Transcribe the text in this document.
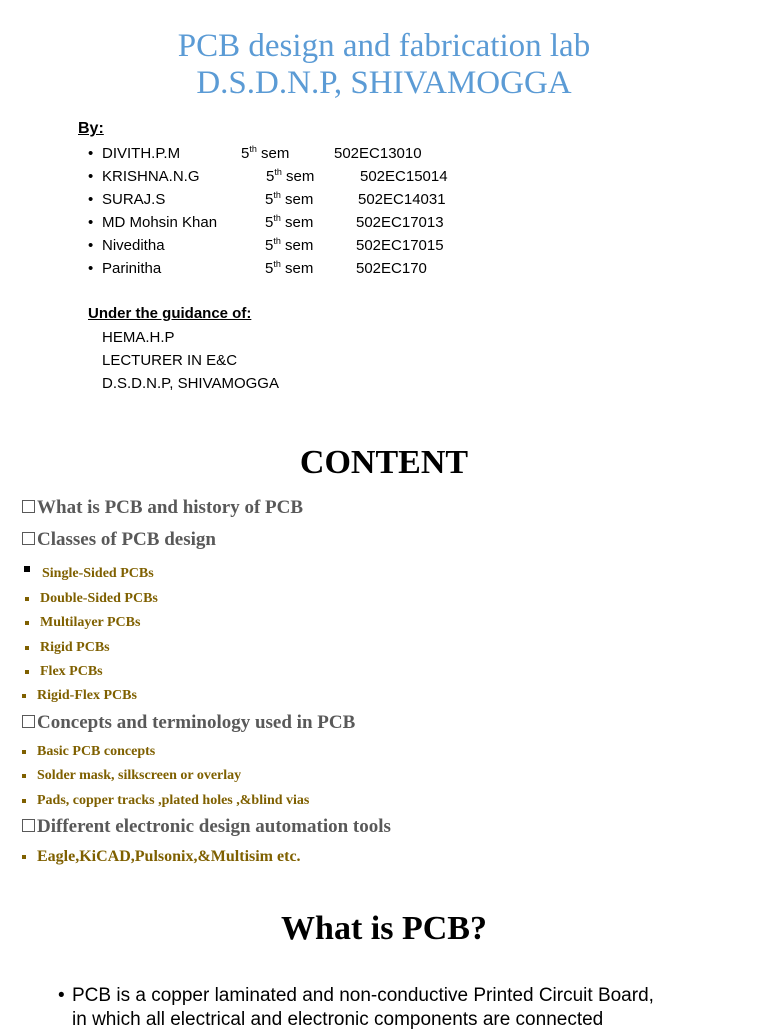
PCB design and fabrication lab
D.S.D.N.P, SHIVAMOGGA
By:
• DIVITH.P.M	5th sem	502EC13010
• KRISHNA.N.G	5th sem	502EC15014
• SURAJ.S	5th sem	502EC14031
• MD Mohsin Khan	5th sem	502EC17013
• Niveditha	5th sem	502EC17015
• Parinitha	5th sem	502EC170
Under the guidance of:
HEMA.H.P
LECTURER IN E&C
D.S.D.N.P, SHIVAMOGGA
CONTENT
What is PCB and history of PCB
Classes of PCB design
Single-Sided PCBs
Double-Sided PCBs
Multilayer PCBs
Rigid PCBs
Flex PCBs
Rigid-Flex PCBs
Concepts and terminology used in PCB
Basic PCB concepts
Solder mask, silkscreen or overlay
Pads, copper tracks ,plated holes ,&blind vias
Different electronic design automation tools
Eagle,KiCAD,Pulsonix,&Multisim etc.
What is PCB?
• PCB is a copper laminated and non-conductive Printed Circuit Board,
in which all electrical and electronic components are connected
